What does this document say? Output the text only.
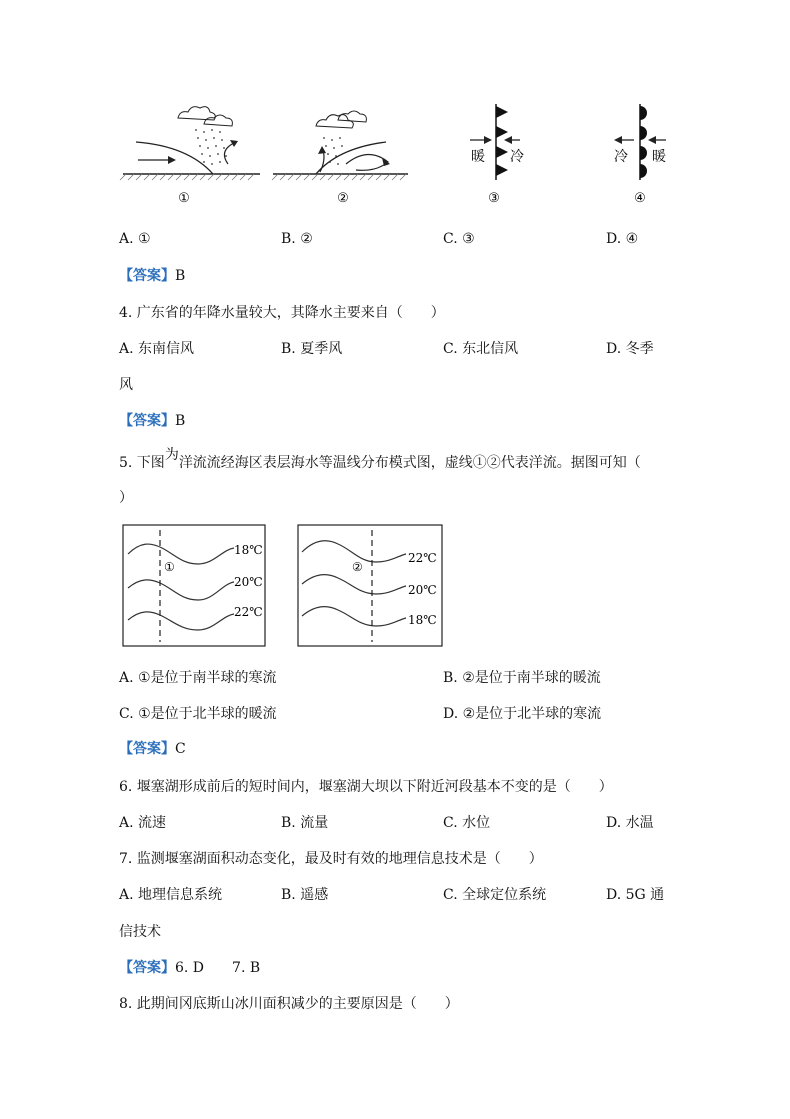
①	②
暖 冷
③
冷 暖
④
A. ①	B. ②	C. ③	D. ④
【答案】B
4. 广东省的年降水量较大，其降水主要来自（　　）
A. 东南信风	B. 夏季风	C. 东北信风	D. 冬季
风
【答案】B
5. 下图为洋流流经海区表层海水等温线分布模式图，虚线①②代表洋流。据图可知（
）
①
18℃
20℃
22℃
②
22℃
20℃
18℃
A. ①是位于南半球的寒流	B. ②是位于南半球的暖流
C. ①是位于北半球的暖流	D. ②是位于北半球的寒流
【答案】C
6. 堰塞湖形成前后的短时间内，堰塞湖大坝以下附近河段基本不变的是（　　）
A. 流速	B. 流量	C. 水位	D. 水温
7. 监测堰塞湖面积动态变化，最及时有效的地理信息技术是（　　）
A. 地理信息系统	B. 遥感	C. 全球定位系统	D. 5G 通
信技术
【答案】6. D　　7. B
8. 此期间冈底斯山冰川面积减少的主要原因是（　　）
